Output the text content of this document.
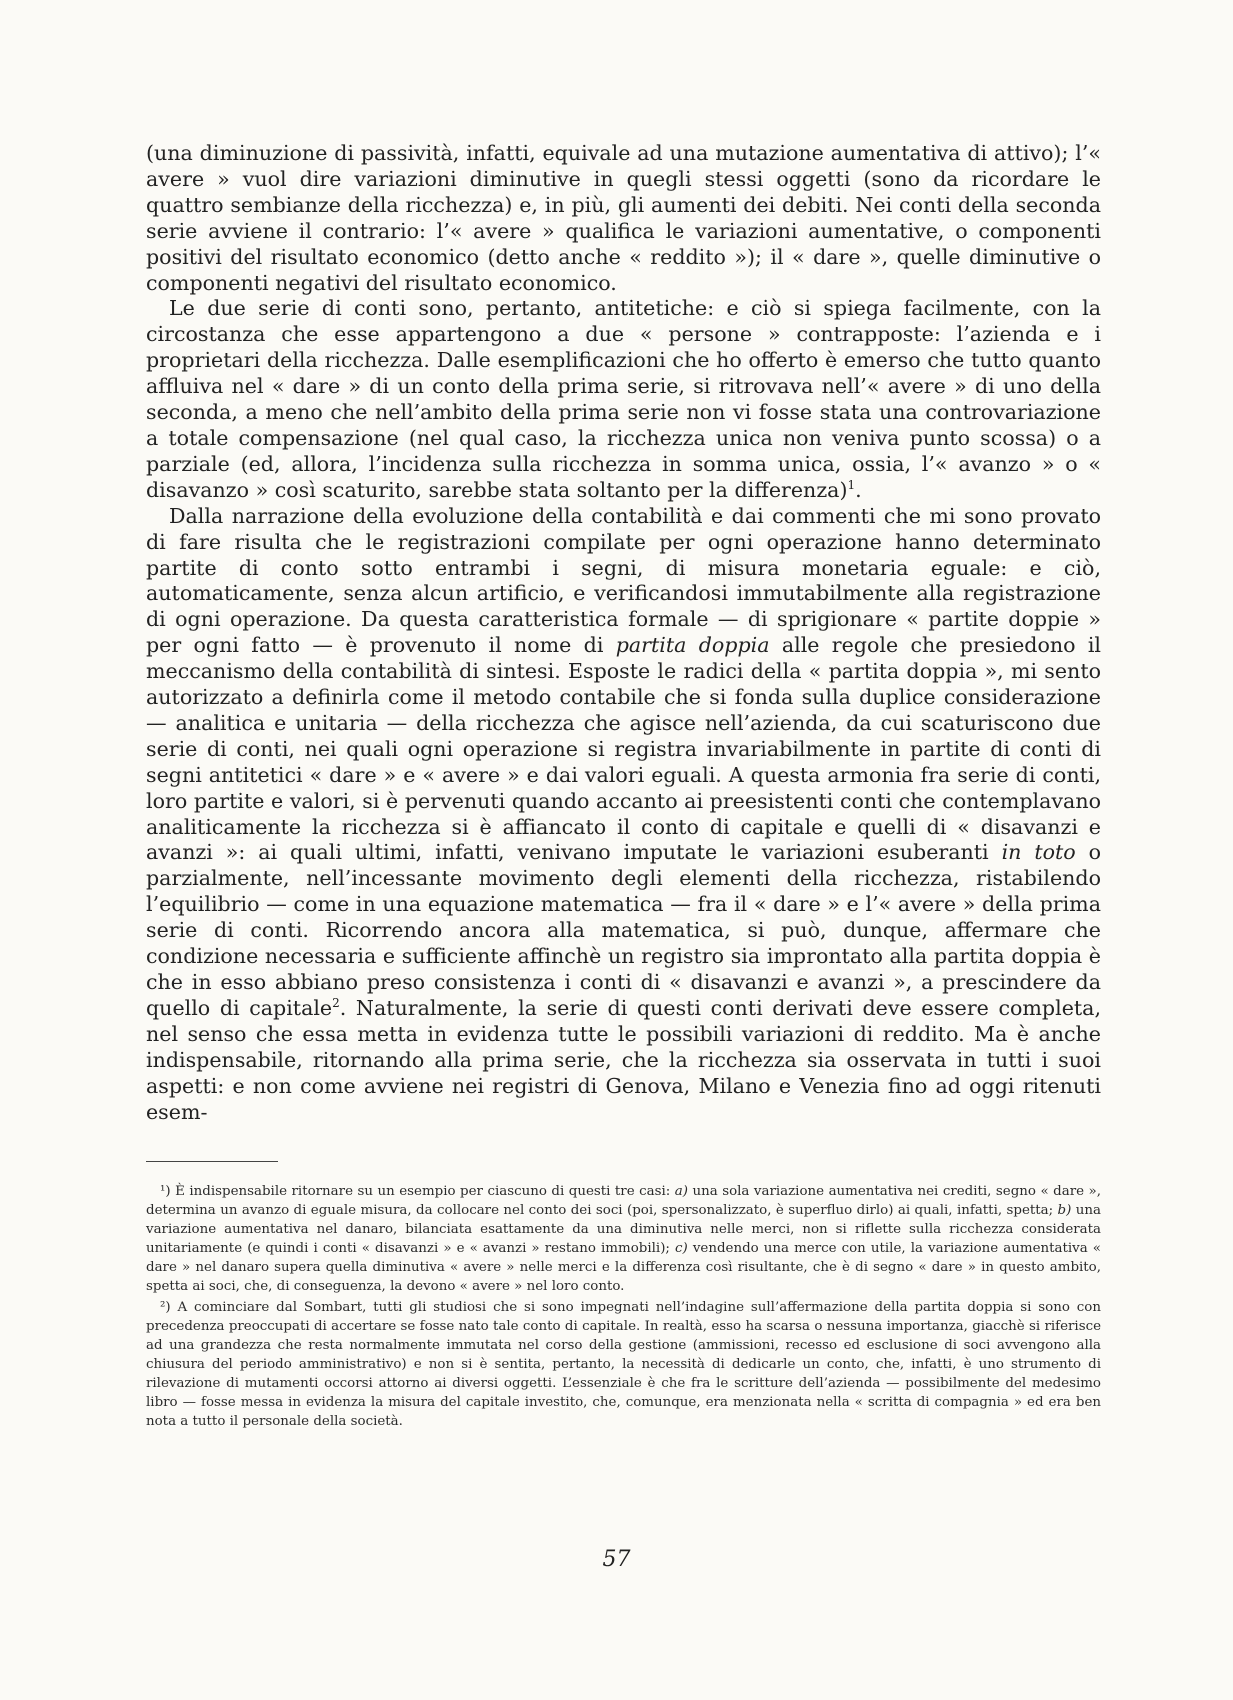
(una diminuzione di passività, infatti, equivale ad una mutazione aumentativa di attivo); l’« avere » vuol dire variazioni diminutive in quegli stessi oggetti (sono da ricordare le quattro sembianze della ricchezza) e, in più, gli aumenti dei debiti. Nei conti della seconda serie avviene il contrario: l’« avere » qualifica le variazioni aumentative, o componenti positivi del risultato economico (detto anche « reddito »); il « dare », quelle diminutive o componenti negativi del risultato economico.

Le due serie di conti sono, pertanto, antitetiche: e ciò si spiega facilmente, con la circostanza che esse appartengono a due « persone » contrapposte: l’azienda e i proprietari della ricchezza. Dalle esemplificazioni che ho offerto è emerso che tutto quanto affluiva nel « dare » di un conto della prima serie, si ritrovava nell’« avere » di uno della seconda, a meno che nell’ambito della prima serie non vi fosse stata una controvariazione a totale compensazione (nel qual caso, la ricchezza unica non veniva punto scossa) o a parziale (ed, allora, l’incidenza sulla ricchezza in somma unica, ossia, l’« avanzo » o « disavanzo » così scaturito, sarebbe stata soltanto per la differenza)$^1$.

Dalla narrazione della evoluzione della contabilità e dai commenti che mi sono provato di fare risulta che le registrazioni compilate per ogni operazione hanno determinato partite di conto sotto entrambi i segni, di misura monetaria eguale: e ciò, automaticamente, senza alcun artificio, e verificandosi immutabilmente alla registrazione di ogni operazione. Da questa caratteristica formale — di sprigionare « partite doppie » per ogni fatto — è provenuto il nome di partita doppia alle regole che presiedono il meccanismo della contabilità di sintesi. Esposte le radici della « partita doppia », mi sento autorizzato a definirla come il metodo contabile che si fonda sulla duplice considerazione — analitica e unitaria — della ricchezza che agisce nell’azienda, da cui scaturiscono due serie di conti, nei quali ogni operazione si registra invariabilmente in partite di conti di segni antitetici « dare » e « avere » e dai valori eguali. A questa armonia fra serie di conti, loro partite e valori, si è pervenuti quando accanto ai preesistenti conti che contemplavano analiticamente la ricchezza si è affiancato il conto di capitale e quelli di « disavanzi e avanzi »: ai quali ultimi, infatti, venivano imputate le variazioni esuberanti in toto o parzialmente, nell’incessante movimento degli elementi della ricchezza, ristabilendo l’equilibrio — come in una equazione matematica — fra il « dare » e l’« avere » della prima serie di conti. Ricorrendo ancora alla matematica, si può, dunque, affermare che condizione necessaria e sufficiente affinchè un registro sia improntato alla partita doppia è che in esso abbiano preso consistenza i conti di « disavanzi e avanzi », a prescindere da quello di capitale$^2$. Naturalmente, la serie di questi conti derivati deve essere completa, nel senso che essa metta in evidenza tutte le possibili variazioni di reddito. Ma è anche indispensabile, ritornando alla prima serie, che la ricchezza sia osservata in tutti i suoi aspetti: e non come avviene nei registri di Genova, Milano e Venezia fino ad oggi ritenuti esem-

¹) È indispensabile ritornare su un esempio per ciascuno di questi tre casi: a) una sola variazione aumentativa nei crediti, segno « dare », determina un avanzo di eguale misura, da collocare nel conto dei soci (poi, spersonalizzato, è superfluo dirlo) ai quali, infatti, spetta; b) una variazione aumentativa nel danaro, bilanciata esattamente da una diminutiva nelle merci, non si riflette sulla ricchezza considerata unitariamente (e quindi i conti « disavanzi » e « avanzi » restano immobili); c) vendendo una merce con utile, la variazione aumentativa « dare » nel danaro supera quella diminutiva « avere » nelle merci e la differenza così risultante, che è di segno « dare » in questo ambito, spetta ai soci, che, di conseguenza, la devono « avere » nel loro conto.

²) A cominciare dal Sombart, tutti gli studiosi che si sono impegnati nell’indagine sull’affermazione della partita doppia si sono con precedenza preoccupati di accertare se fosse nato tale conto di capitale. In realtà, esso ha scarsa o nessuna importanza, giacchè si riferisce ad una grandezza che resta normalmente immutata nel corso della gestione (ammissioni, recesso ed esclusione di soci avvengono alla chiusura del periodo amministrativo) e non si è sentita, pertanto, la necessità di dedicarle un conto, che, infatti, è uno strumento di rilevazione di mutamenti occorsi attorno ai diversi oggetti. L’essenziale è che fra le scritture dell’azienda — possibilmente del medesimo libro — fosse messa in evidenza la misura del capitale investito, che, comunque, era menzionata nella « scritta di compagnia » ed era ben nota a tutto il personale della società.

57
